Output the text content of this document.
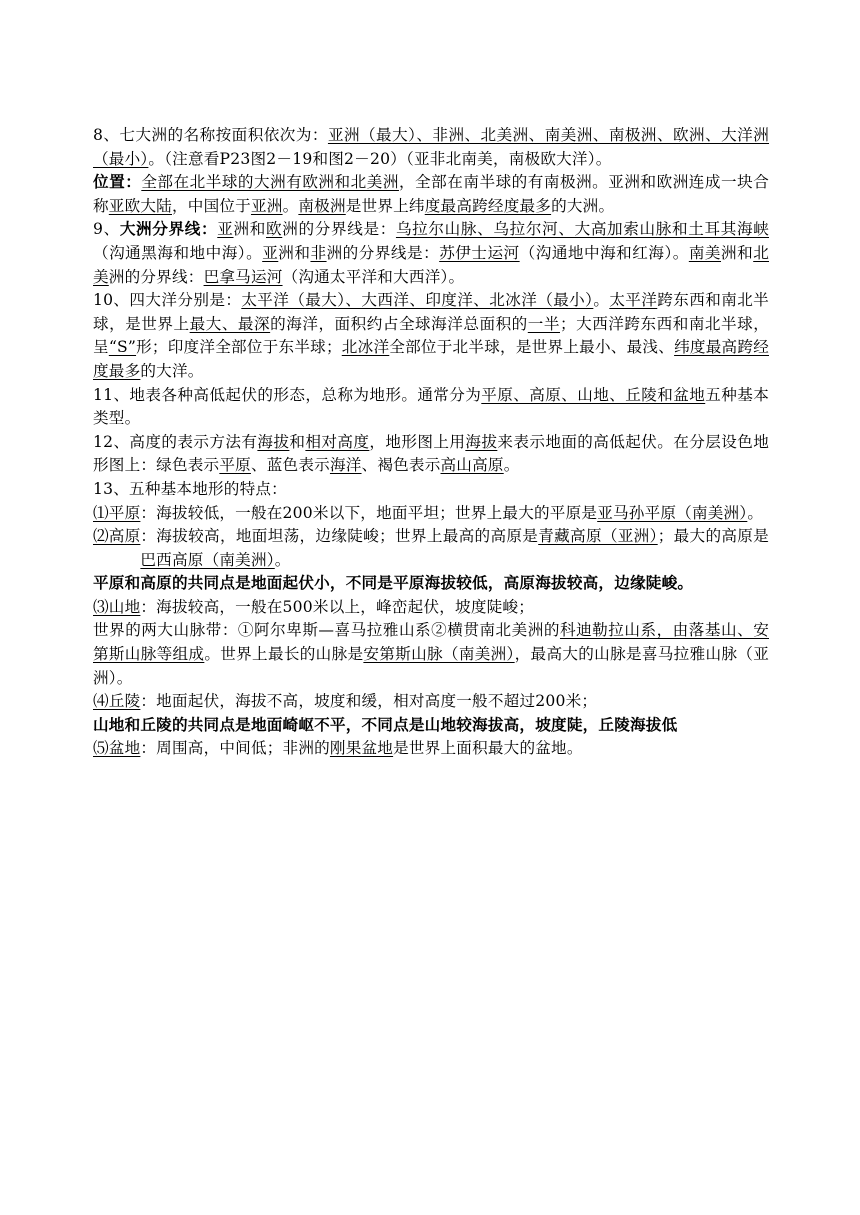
8、七大洲的名称按面积依次为：亚洲（最大）、非洲、北美洲、南美洲、南极洲、欧洲、大洋洲（最小）。（注意看P23图2－19和图2－20）（亚非北南美，南极欧大洋）。

位置：全部在北半球的大洲有欧洲和北美洲，全部在南半球的有南极洲。亚洲和欧洲连成一块合称亚欧大陆，中国位于亚洲。南极洲是世界上纬度最高跨经度最多的大洲。

9、大洲分界线：亚洲和欧洲的分界线是：乌拉尔山脉、乌拉尔河、大高加索山脉和土耳其海峡（沟通黑海和地中海）。亚洲和非洲的分界线是：苏伊士运河（沟通地中海和红海）。南美洲和北美洲的分界线：巴拿马运河（沟通太平洋和大西洋）。

10、四大洋分别是：太平洋（最大）、大西洋、印度洋、北冰洋（最小）。太平洋跨东西和南北半球，是世界上最大、最深的海洋，面积约占全球海洋总面积的一半；大西洋跨东西和南北半球，呈“S”形；印度洋全部位于东半球；北冰洋全部位于北半球，是世界上最小、最浅、纬度最高跨经度最多的大洋。

11、地表各种高低起伏的形态，总称为地形。通常分为平原、高原、山地、丘陵和盆地五种基本类型。

12、高度的表示方法有海拔和相对高度，地形图上用海拔来表示地面的高低起伏。在分层设色地形图上：绿色表示平原、蓝色表示海洋、褐色表示高山高原。

13、五种基本地形的特点：

⑴平原 ：海拔较低，一般在200米以下，地面平坦；世界上最大的平原是亚马孙平原（南美洲）。
⑵高原 ：海拔较高，地面坦荡，边缘陡峻；世界上最高的高原是青藏高原（亚洲）；最大的高原是巴西高原（南美洲）。

平原和高原的共同点是地面起伏小，不同是平原海拔较低，高原海拔较高，边缘陡峻。

⑶山地：海拔较高，一般在500米以上，峰峦起伏，坡度陡峻；

世界的两大山脉带：①阿尔卑斯—喜马拉雅山系②横贯南北美洲的科迪勒拉山系，由落基山、安第斯山脉等组成。世界上最长的山脉是安第斯山脉（南美洲），最高大的山脉是喜马拉雅山脉（亚洲）。

⑷丘陵：地面起伏，海拔不高，坡度和缓，相对高度一般不超过200米；

山地和丘陵的共同点是地面崎岖不平，不同点是山地较海拔高，坡度陡，丘陵海拔低

⑸盆地：周围高，中间低；非洲的刚果盆地是世界上面积最大的盆地。
